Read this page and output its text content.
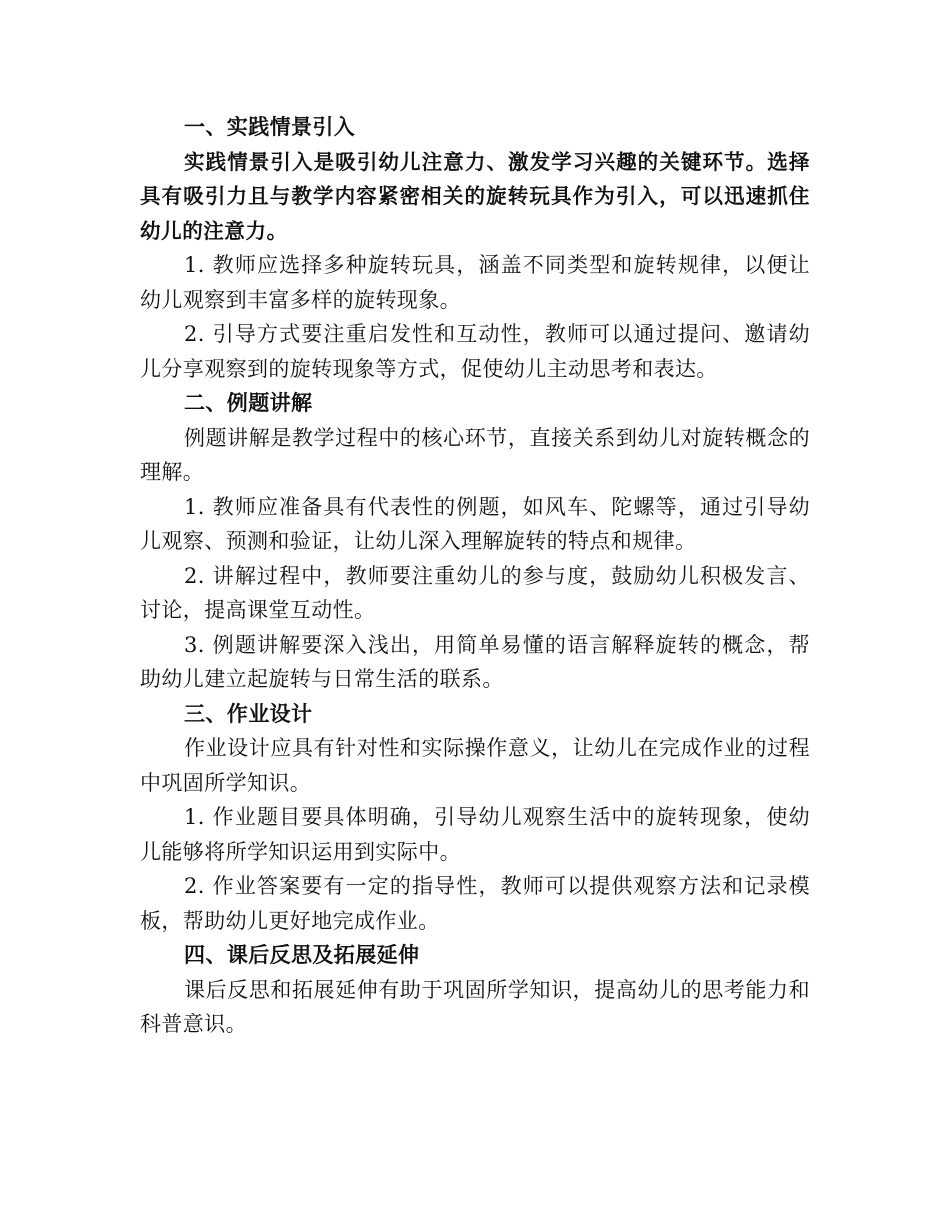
一、实践情景引入

实践情景引入是吸引幼儿注意力、激发学习兴趣的关键环节。选择具有吸引力且与教学内容紧密相关的旋转玩具作为引入，可以迅速抓住幼儿的注意力。

1. 教师应选择多种旋转玩具，涵盖不同类型和旋转规律，以便让幼儿观察到丰富多样的旋转现象。

2. 引导方式要注重启发性和互动性，教师可以通过提问、邀请幼儿分享观察到的旋转现象等方式，促使幼儿主动思考和表达。

二、例题讲解

例题讲解是教学过程中的核心环节，直接关系到幼儿对旋转概念的理解。

1. 教师应准备具有代表性的例题，如风车、陀螺等，通过引导幼儿观察、预测和验证，让幼儿深入理解旋转的特点和规律。

2. 讲解过程中，教师要注重幼儿的参与度，鼓励幼儿积极发言、讨论，提高课堂互动性。

3. 例题讲解要深入浅出，用简单易懂的语言解释旋转的概念，帮助幼儿建立起旋转与日常生活的联系。

三、作业设计

作业设计应具有针对性和实际操作意义，让幼儿在完成作业的过程中巩固所学知识。

1. 作业题目要具体明确，引导幼儿观察生活中的旋转现象，使幼儿能够将所学知识运用到实际中。

2. 作业答案要有一定的指导性，教师可以提供观察方法和记录模板，帮助幼儿更好地完成作业。

四、课后反思及拓展延伸

课后反思和拓展延伸有助于巩固所学知识，提高幼儿的思考能力和科普意识。
